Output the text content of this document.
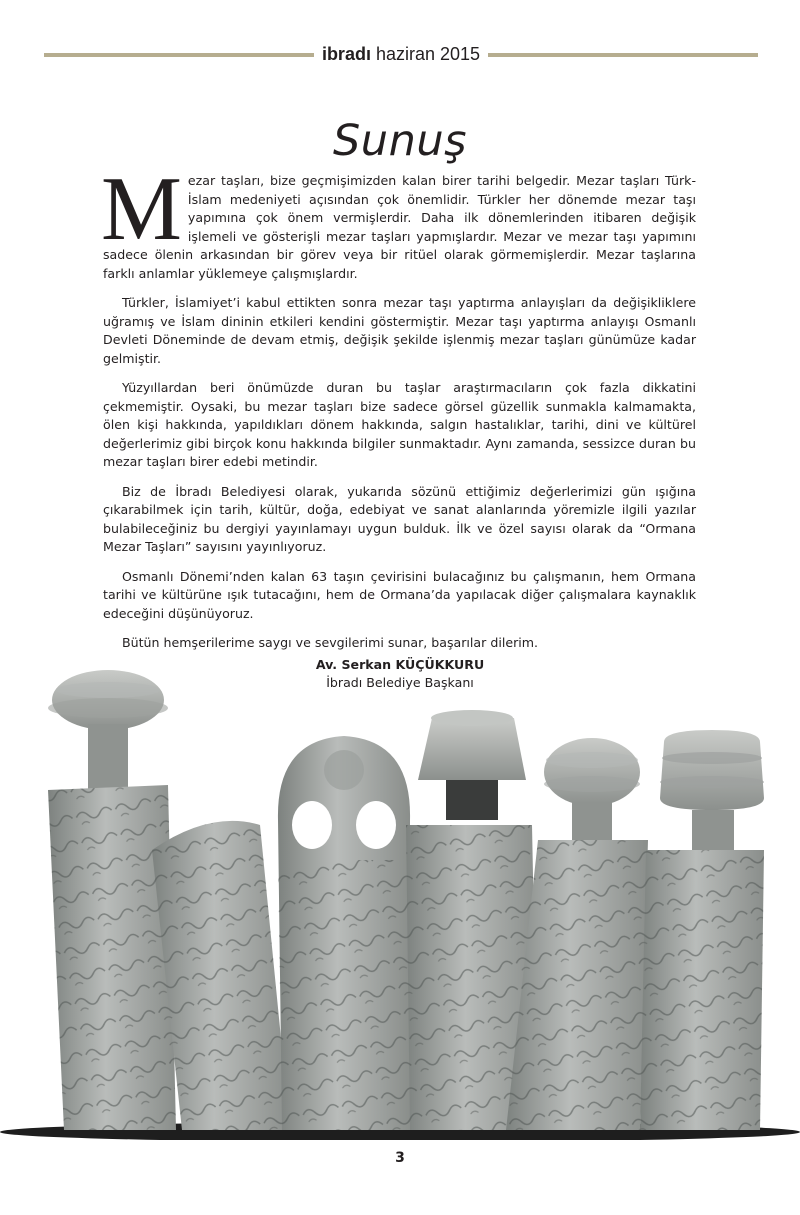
ibradı haziran 2015
Sunuş

Mezar taşları, bize geçmişimizden kalan birer tarihi belgedir. Mezar taşları Türk-İslam medeniyeti açısından çok önemlidir. Türkler her dönemde mezar taşı yapımına çok önem vermişlerdir. Daha ilk dönemlerinden itibaren değişik işlemeli ve gösterişli mezar taşları yapmışlardır. Mezar ve mezar taşı yapımını sadece ölenin arkasından bir görev veya bir ritüel olarak görmemişlerdir. Mezar taşlarına farklı anlamlar yüklemeye çalışmışlardır.

Türkler, İslamiyet’i kabul ettikten sonra mezar taşı yaptırma anlayışları da değişikliklere uğramış ve İslam dininin etkileri kendini göstermiştir. Mezar taşı yaptırma anlayışı Osmanlı Devleti Döneminde de devam etmiş, değişik şekilde işlenmiş mezar taşları günümüze kadar gelmiştir.

Yüzyıllardan beri önümüzde duran bu taşlar araştırmacıların çok fazla dikkatini çekmemiştir. Oysaki, bu mezar taşları bize sadece görsel güzellik sunmakla kalmamakta, ölen kişi hakkında, yapıldıkları dönem hakkında, salgın hastalıklar, tarihi, dini ve kültürel değerlerimiz gibi birçok konu hakkında bilgiler sunmaktadır. Aynı zamanda, sessizce duran bu mezar taşları birer edebi metindir.

Biz de İbradı Belediyesi olarak, yukarıda sözünü ettiğimiz değerlerimizi gün ışığına çıkarabilmek için tarih, kültür, doğa, edebiyat ve sanat alanlarında yöremizle ilgili yazılar bulabileceğiniz bu dergiyi yayınlamayı uygun bulduk. İlk ve özel sayısı olarak da “Ormana Mezar Taşları” sayısını yayınlıyoruz.

Osmanlı Dönemi’nden kalan 63 taşın çevirisini bulacağınız bu çalışmanın, hem Ormana tarihi ve kültürüne ışık tutacağını, hem de Ormana’da yapılacak diğer çalışmalara kaynaklık edeceğini düşünüyoruz.

Bütün hemşerilerime saygı ve sevgilerimi sunar, başarılar dilerim.

Av. Serkan KÜÇÜKKURU
İbradı Belediye Başkanı
3
